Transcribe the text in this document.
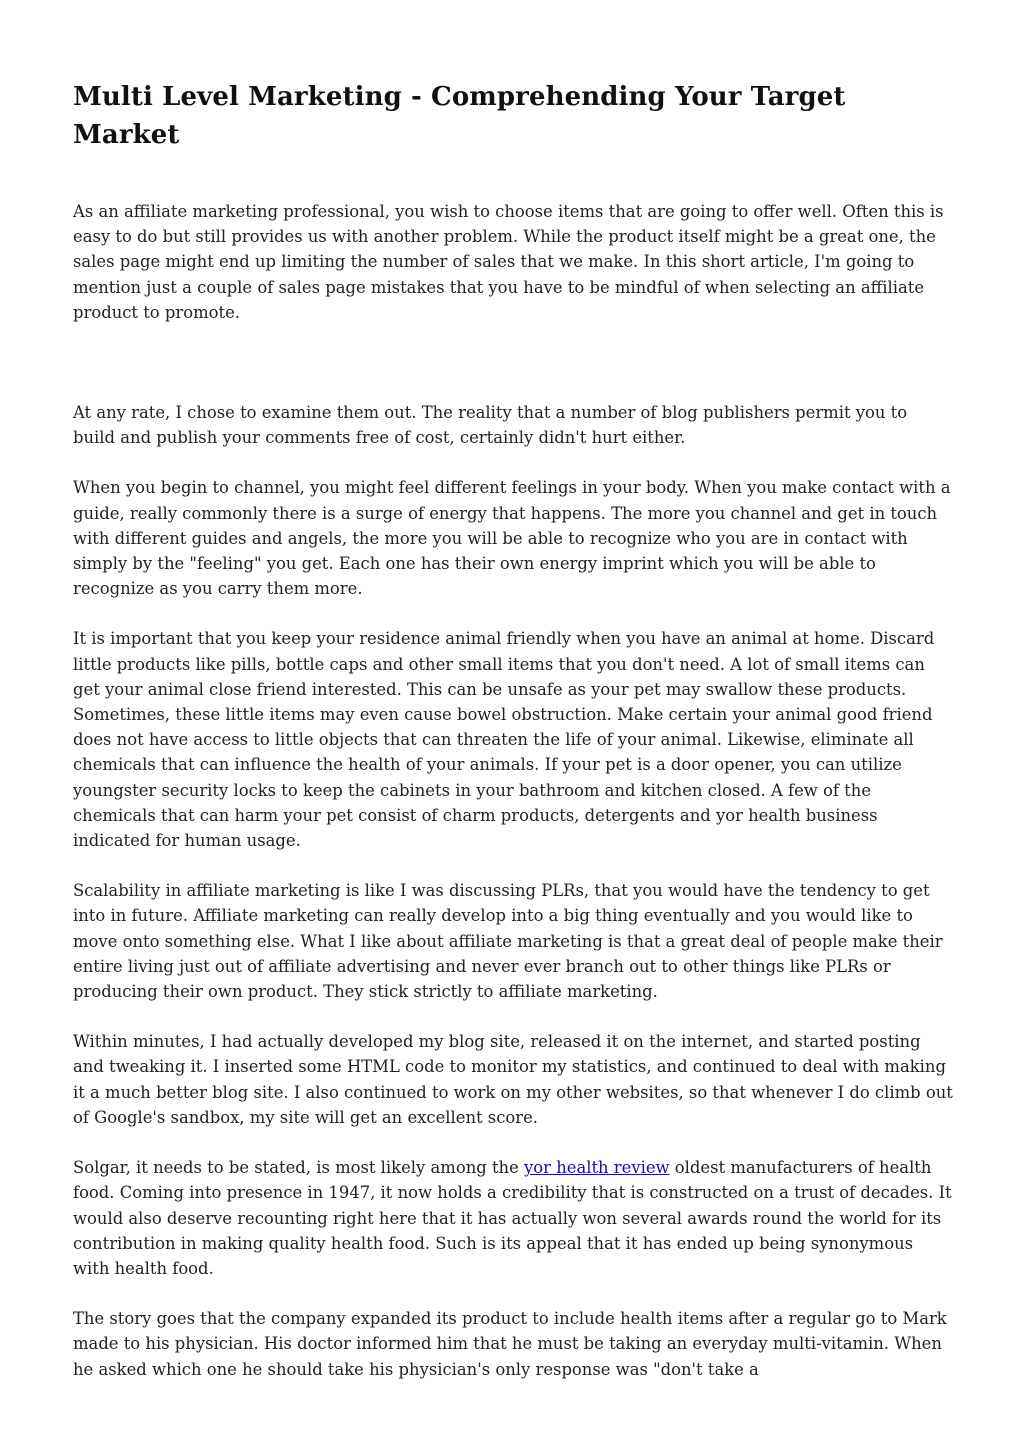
Multi Level Marketing - Comprehending Your Target Market

As an affiliate marketing professional, you wish to choose items that are going to offer well. Often this is easy to do but still provides us with another problem. While the product itself might be a great one, the sales page might end up limiting the number of sales that we make. In this short article, I'm going to mention just a couple of sales page mistakes that you have to be mindful of when selecting an affiliate product to promote.

At any rate, I chose to examine them out. The reality that a number of blog publishers permit you to build and publish your comments free of cost, certainly didn't hurt either.

When you begin to channel, you might feel different feelings in your body. When you make contact with a guide, really commonly there is a surge of energy that happens. The more you channel and get in touch with different guides and angels, the more you will be able to recognize who you are in contact with simply by the "feeling" you get. Each one has their own energy imprint which you will be able to recognize as you carry them more.

It is important that you keep your residence animal friendly when you have an animal at home. Discard little products like pills, bottle caps and other small items that you don't need. A lot of small items can get your animal close friend interested. This can be unsafe as your pet may swallow these products. Sometimes, these little items may even cause bowel obstruction. Make certain your animal good friend does not have access to little objects that can threaten the life of your animal. Likewise, eliminate all chemicals that can influence the health of your animals. If your pet is a door opener, you can utilize youngster security locks to keep the cabinets in your bathroom and kitchen closed. A few of the chemicals that can harm your pet consist of charm products, detergents and yor health business indicated for human usage.

Scalability in affiliate marketing is like I was discussing PLRs, that you would have the tendency to get into in future. Affiliate marketing can really develop into a big thing eventually and you would like to move onto something else. What I like about affiliate marketing is that a great deal of people make their entire living just out of affiliate advertising and never ever branch out to other things like PLRs or producing their own product. They stick strictly to affiliate marketing.

Within minutes, I had actually developed my blog site, released it on the internet, and started posting and tweaking it. I inserted some HTML code to monitor my statistics, and continued to deal with making it a much better blog site. I also continued to work on my other websites, so that whenever I do climb out of Google's sandbox, my site will get an excellent score.

Solgar, it needs to be stated, is most likely among the yor health review oldest manufacturers of health food. Coming into presence in 1947, it now holds a credibility that is constructed on a trust of decades. It would also deserve recounting right here that it has actually won several awards round the world for its contribution in making quality health food. Such is its appeal that it has ended up being synonymous with health food.

The story goes that the company expanded its product to include health items after a regular go to Mark made to his physician. His doctor informed him that he must be taking an everyday multi-vitamin. When he asked which one he should take his physician's only response was "don't take a
